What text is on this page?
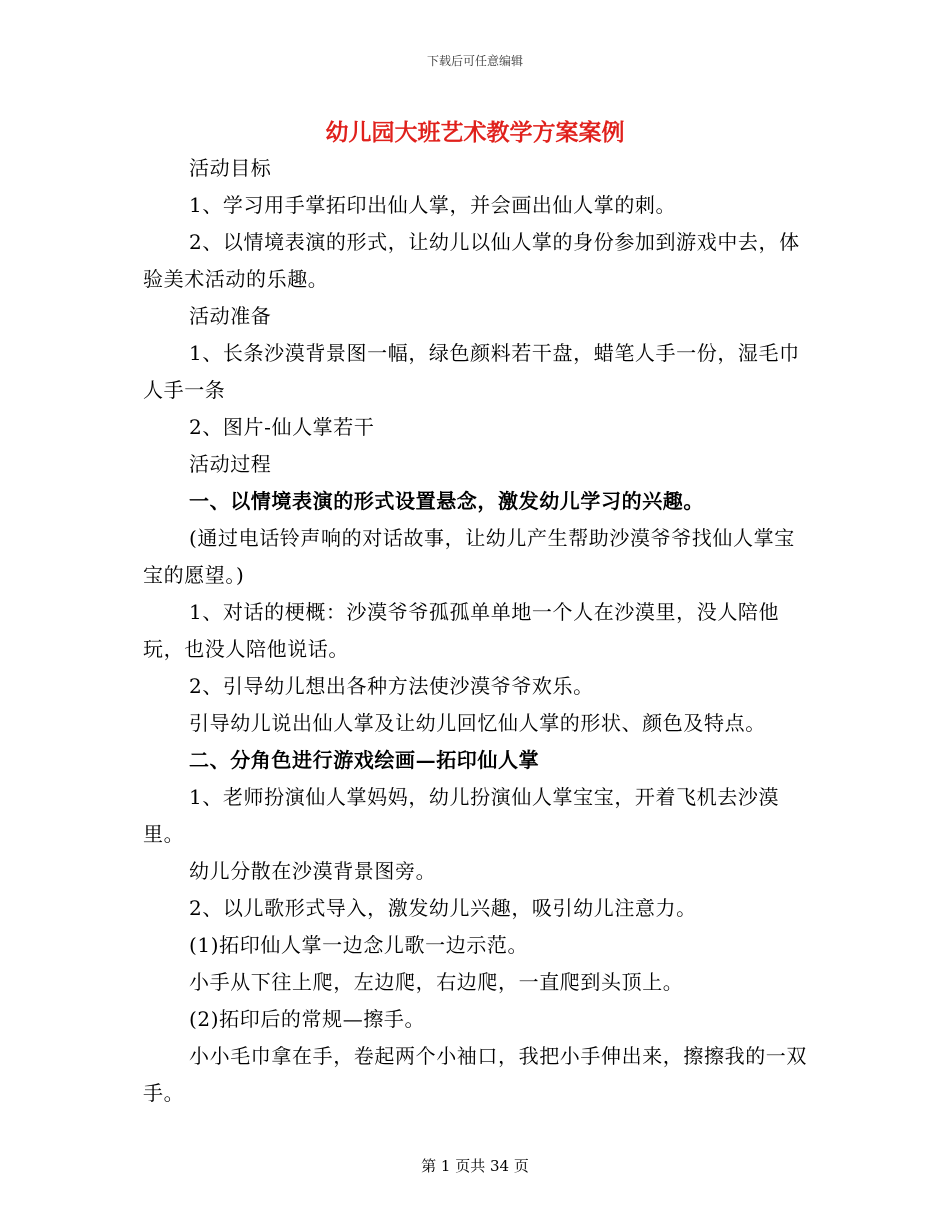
下载后可任意编辑
幼儿园大班艺术教学方案案例

活动目标

1、学习用手掌拓印出仙人掌，并会画出仙人掌的刺。

2、以情境表演的形式，让幼儿以仙人掌的身份参加到游戏中去，体验美术活动的乐趣。

活动准备

1、长条沙漠背景图一幅，绿色颜料若干盘，蜡笔人手一份，湿毛巾人手一条

2、图片-仙人掌若干

活动过程

一、以情境表演的形式设置悬念，激发幼儿学习的兴趣。

(通过电话铃声响的对话故事，让幼儿产生帮助沙漠爷爷找仙人掌宝宝的愿望。)

1、对话的梗概：沙漠爷爷孤孤单单地一个人在沙漠里，没人陪他玩，也没人陪他说话。

2、引导幼儿想出各种方法使沙漠爷爷欢乐。

引导幼儿说出仙人掌及让幼儿回忆仙人掌的形状、颜色及特点。

二、分角色进行游戏绘画—拓印仙人掌

1、老师扮演仙人掌妈妈，幼儿扮演仙人掌宝宝，开着飞机去沙漠里。

幼儿分散在沙漠背景图旁。

2、以儿歌形式导入，激发幼儿兴趣，吸引幼儿注意力。

(1)拓印仙人掌一边念儿歌一边示范。

小手从下往上爬，左边爬，右边爬，一直爬到头顶上。

(2)拓印后的常规—擦手。

小小毛巾拿在手，卷起两个小袖口，我把小手伸出来，擦擦我的一双手。

第 1 页共 34 页
